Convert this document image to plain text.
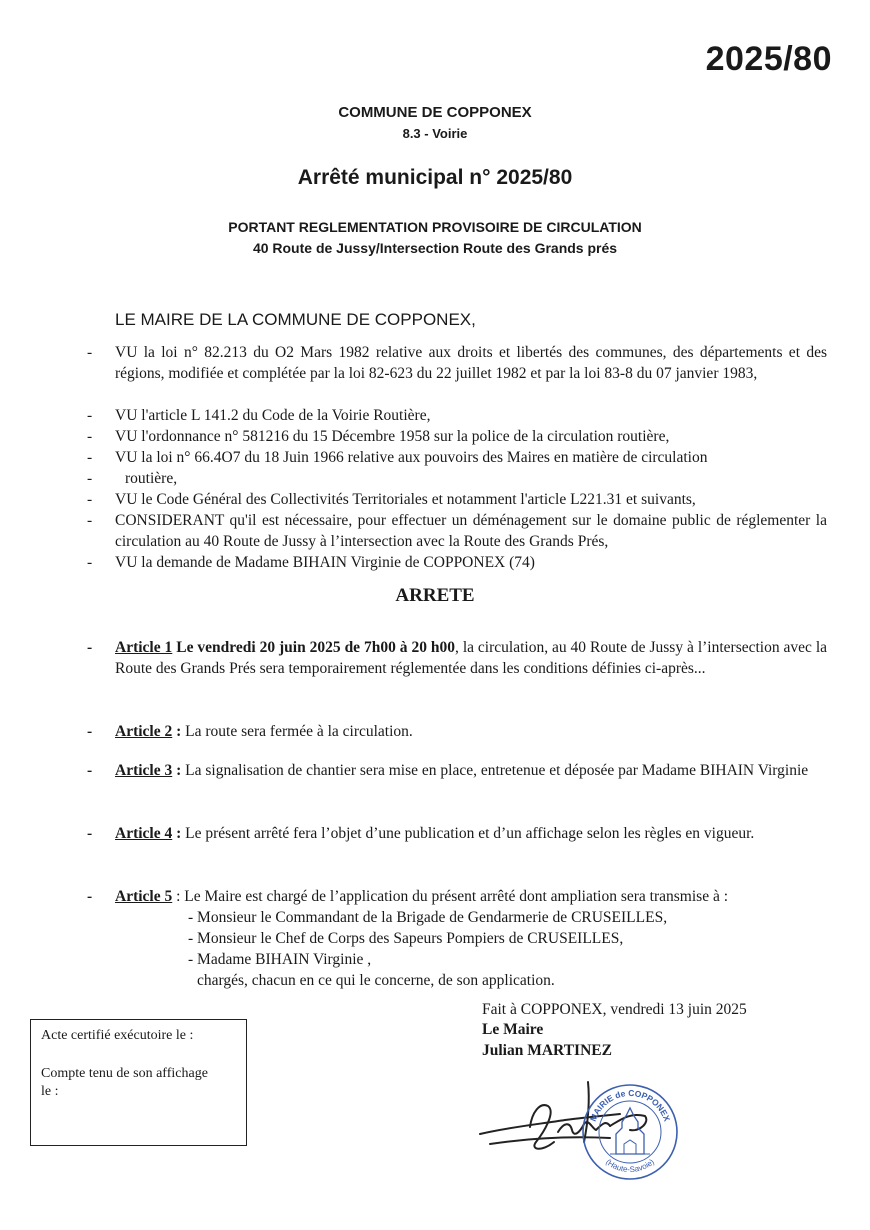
2025/80
COMMUNE DE COPPONEX
8.3 - Voirie
Arrêté municipal n° 2025/80
PORTANT REGLEMENTATION PROVISOIRE DE CIRCULATION
40 Route de Jussy/Intersection Route des Grands prés
LE MAIRE DE LA COMMUNE DE COPPONEX,
- VU la loi n° 82.213 du O2 Mars 1982 relative aux droits et libertés des communes, des départements et des régions, modifiée et complétée par la loi 82-623 du 22 juillet 1982 et par la loi 83-8 du 07 janvier 1983,
- VU l'article L 141.2 du Code de la Voirie Routière,
- VU l'ordonnance n° 581216 du 15 Décembre 1958 sur la police de la circulation routière,
- VU la loi n° 66.4O7 du 18 Juin 1966 relative aux pouvoirs des Maires en matière de circulation
- routière,
- VU le Code Général des Collectivités Territoriales et notamment l'article L221.31 et suivants,
- CONSIDERANT qu'il est nécessaire, pour effectuer un déménagement sur le domaine public de réglementer la circulation au 40 Route de Jussy à l’intersection avec la Route des Grands Prés,
- VU la demande de Madame BIHAIN Virginie de COPPONEX (74)
ARRETE
- Article 1 Le vendredi 20 juin 2025 de 7h00 à 20 h00, la circulation, au 40 Route de Jussy à l’intersection avec la Route des Grands Prés sera temporairement réglementée dans les conditions définies ci-après...
- Article 2 : La route sera fermée à la circulation.
- Article 3 : La signalisation de chantier sera mise en place, entretenue et déposée par Madame BIHAIN Virginie
- Article 4 : Le présent arrêté fera l’objet d’une publication et d’un affichage selon les règles en vigueur.
- Article 5 : Le Maire est chargé de l’application du présent arrêté dont ampliation sera transmise à :
- Monsieur le Commandant de la Brigade de Gendarmerie de CRUSEILLES,
- Monsieur le Chef de Corps des Sapeurs Pompiers de CRUSEILLES,
- Madame BIHAIN Virginie ,
chargés, chacun en ce qui le concerne, de son application.
Fait à COPPONEX, vendredi 13 juin 2025
Le Maire
Julian MARTINEZ
Acte certifié exécutoire le :
Compte tenu de son affichage
le :
MAIRIE de COPPONEX
(Haute-Savoie)
